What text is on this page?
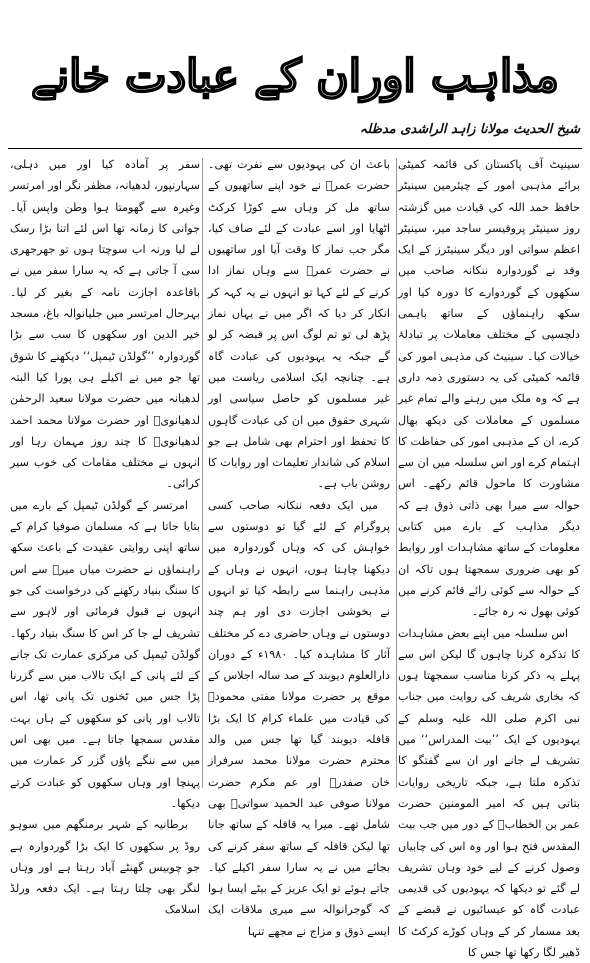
مذاہب اوران کے عبادت خانے
شیخ الحدیث مولانا زاہد الراشدی مدظلہ

سینیٹ آف پاکستان کی قائمہ کمیٹی برائے مذہبی امور کے چیئرمین سینیٹر حافظ حمد اللہ کی قیادت میں گزشتہ روز سینیٹر پروفیسر ساجد میر، سینیٹر اعظم سواتی اور دیگر سینیٹرز کے ایک وفد نے گوردوارہ ننکانہ صاحب میں سکھوں کے گوردوارے کا دورہ کیا اور سکھ راہنماؤں کے ساتھ باہمی دلچسپی کے مختلف معاملات پر تبادلۂ خیالات کیا۔ سینیٹ کی مذہبی امور کی قائمہ کمیٹی کی یہ دستوری ذمہ داری ہے کہ وہ ملک میں رہنے والے تمام غیر مسلموں کے معاملات کی دیکھ بھال کرے، ان کے مذہبی امور کی حفاظت کا اہتمام کرے اور اس سلسلہ میں ان سے مشاورت کا ماحول قائم رکھے۔ اس حوالہ سے میرا بھی ذاتی ذوق ہے کہ دیگر مذاہب کے بارے میں کتابی معلومات کے ساتھ مشاہدات اور روابط کو بھی ضروری سمجھتا ہوں تاکہ ان کے حوالہ سے کوئی رائے قائم کرنے میں کوئی بھول نہ رہ جائے۔

اس سلسلہ میں اپنے بعض مشاہدات کا تذکرہ کرنا چاہوں گا لیکن اس سے پہلے یہ ذکر کرنا مناسب سمجھتا ہوں کہ بخاری شریف کی روایت میں جناب نبی اکرم صلی اللہ علیہ وسلم کے یہودیوں کے ایک ’’بیت المدراس‘‘ میں تشریف لے جانے اور ان سے گفتگو کا تذکرہ ملتا ہے، جبکہ تاریخی روایات بتاتی ہیں کہ امیر المومنین حضرت عمر بن الخطابؓ کے دور میں جب بیت المقدس فتح ہوا اور وہ اس کی چابیاں وصول کرنے کے لیے خود وہاں تشریف لے گئے تو دیکھا کہ یہودیوں کی قدیمی عبادت گاہ کو عیسائیوں نے قبضے کے بعد مسمار کر کے وہاں کوڑے کرکٹ کا ڈھیر لگا رکھا تھا جس کا

باعث ان کی یہودیوں سے نفرت تھی۔ حضرت عمرؓ نے خود اپنے ساتھیوں کے ساتھ مل کر وہاں سے کوڑا کرکٹ اٹھایا اور اسے عبادت کے لئے صاف کیا، مگر جب نماز کا وقت آیا اور ساتھیوں نے حضرت عمرؓ سے وہاں نماز ادا کرنے کے لئے کہا تو انہوں نے یہ کہہ کر انکار کر دیا کہ اگر میں نے یہاں نماز پڑھ لی تو تم لوگ اس پر قبضہ کر لو گے جبکہ یہ یہودیوں کی عبادت گاہ ہے۔ چنانچہ ایک اسلامی ریاست میں غیر مسلموں کو حاصل سیاسی اور شہری حقوق میں ان کی عبادت گاہوں کا تحفظ اور احترام بھی شامل ہے جو اسلام کی شاندار تعلیمات اور روایات کا روشن باب ہے۔

میں ایک دفعہ ننکانہ صاحب کسی پروگرام کے لئے گیا تو دوستوں سے خواہش کی کہ وہاں گوردوارہ میں دیکھنا چاہتا ہوں، انہوں نے وہاں کے مذہبی راہنما سے رابطہ کیا تو انہوں نے بخوشی اجازت دی اور ہم چند دوستوں نے وہاں حاضری دے کر مختلف آثار کا مشاہدہ کیا۔ ۱۹۸۰ء کے دوران دارالعلوم دیوبند کے صد سالہ اجلاس کے موقع پر حضرت مولانا مفتی محمودؒ کی قیادت میں علماء کرام کا ایک بڑا قافلہ دیوبند گیا تھا جس میں والد محترم حضرت مولانا محمد سرفراز خان صفدرؒ اور عم مکرم حضرت مولانا صوفی عبد الحمید سواتیؒ بھی شامل تھے۔ میرا یہ قافلہ کے ساتھ جانا تھا لیکن قافلہ کے ساتھ سفر کرنے کی بجائے میں نے یہ سارا سفر اکیلے کیا۔ جاتے ہوئے تو ایک عزیز کے بیٹے ایسا ہوا کہ گوجرانوالہ سے میری ملاقات ایک ایسے ذوق و مزاج نے مجھے تنہا

سفر پر آمادہ کیا اور میں دہلی، سہارنپور، لدھیانہ، مظفر نگر اور امرتسر وغیرہ سے گھومتا ہوا وطن واپس آیا۔ جوانی کا زمانہ تھا اس لئے اتنا بڑا رسک لے لیا ورنہ اب سوچتا ہوں تو جھرجھری سی آ جاتی ہے کہ یہ سارا سفر میں نے باقاعدہ اجازت نامہ کے بغیر کر لیا۔ بہرحال امرتسر میں جلیانوالہ باغ، مسجد خیر الدین اور سکھوں کا سب سے بڑا گوردوارہ ’’گولڈن ٹیمپل‘‘ دیکھنے کا شوق تھا جو میں نے اکیلے ہی پورا کیا البتہ لدھیانہ میں حضرت مولانا سعید الرحمٰن لدھیانویؒ اور حضرت مولانا محمد احمد لدھیانویؒ کا چند روز مہمان رہا اور انہوں نے مختلف مقامات کی خوب سیر کرائی۔

امرتسر کے گولڈن ٹیمپل کے بارے میں بتایا جاتا ہے کہ مسلمان صوفیا کرام کے ساتھ اپنی روایتی عقیدت کے باعث سکھ راہنماؤں نے حضرت میاں میرؒ سے اس کا سنگ بنیاد رکھنے کی درخواست کی جو انہوں نے قبول فرمائی اور لاہور سے تشریف لے جا کر اس کا سنگ بنیاد رکھا۔ گولڈن ٹیمپل کی مرکزی عمارت تک جانے کے لئے پانی کے ایک تالاب میں سے گزرنا پڑا جس میں ٹخنوں تک پانی تھا، اس تالاب اور پانی کو سکھوں کے ہاں بہت مقدس سمجھا جاتا ہے۔ میں بھی اس میں سے ننگے پاؤں گزر کر عمارت میں پہنچا اور وہاں سکھوں کو عبادت کرتے دیکھا۔

برطانیہ کے شہر برمنگھم میں سوہو روڈ پر سکھوں کا ایک بڑا گوردوارہ ہے جو چوبیس گھنٹے آباد رہتا ہے اور وہاں لنگر بھی چلتا رہتا ہے۔ ایک دفعہ ورلڈ اسلامک
